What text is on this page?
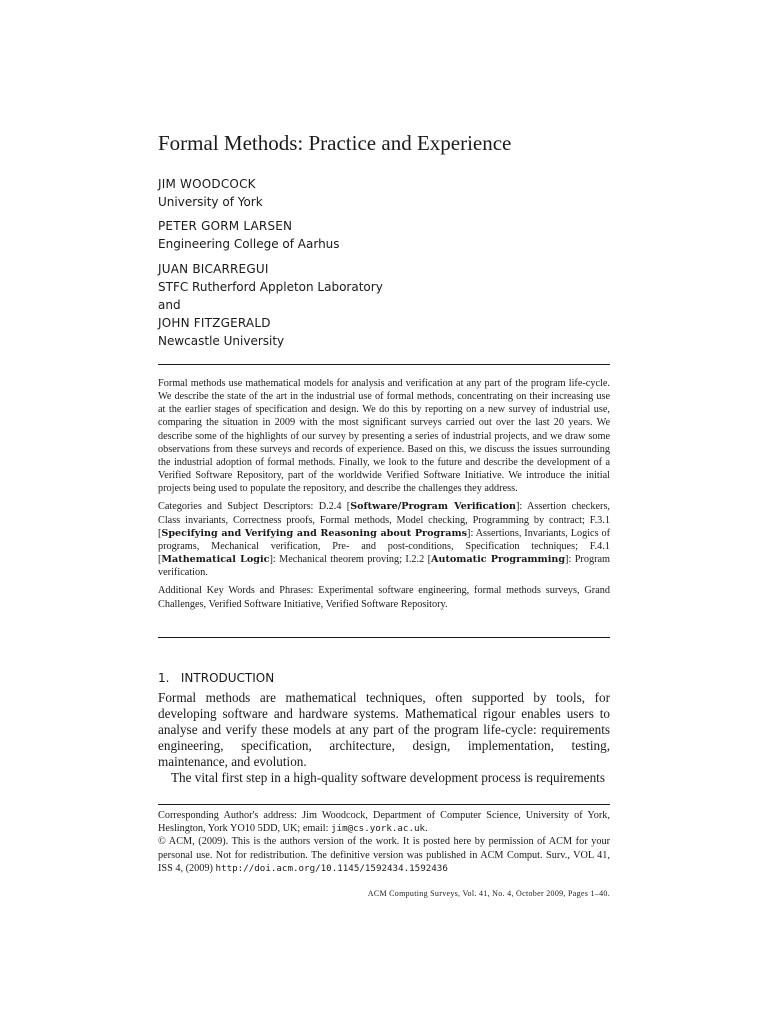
Formal Methods: Practice and Experience
JIM WOODCOCK
University of York
PETER GORM LARSEN
Engineering College of Aarhus
JUAN BICARREGUI
STFC Rutherford Appleton Laboratory
and
JOHN FITZGERALD
Newcastle University

Formal methods use mathematical models for analysis and verification at any part of the program life-cycle. We describe the state of the art in the industrial use of formal methods, concentrating on their increasing use at the earlier stages of specification and design. We do this by reporting on a new survey of industrial use, comparing the situation in 2009 with the most significant surveys carried out over the last 20 years. We describe some of the highlights of our survey by presenting a series of industrial projects, and we draw some observations from these surveys and records of experience. Based on this, we discuss the issues surrounding the industrial adoption of formal methods. Finally, we look to the future and describe the development of a Verified Software Repository, part of the worldwide Verified Software Initiative. We introduce the initial projects being used to populate the repository, and describe the challenges they address.

Categories and Subject Descriptors: D.2.4 [Software/Program Verification]: Assertion checkers, Class invariants, Correctness proofs, Formal methods, Model checking, Programming by contract; F.3.1 [Specifying and Verifying and Reasoning about Programs]: Assertions, Invariants, Logics of programs, Mechanical verification, Pre- and post-conditions, Specification techniques; F.4.1 [Mathematical Logic]: Mechanical theorem proving; I.2.2 [Automatic Programming]: Program verification.

Additional Key Words and Phrases: Experimental software engineering, formal methods surveys, Grand Challenges, Verified Software Initiative, Verified Software Repository.

1.   INTRODUCTION

Formal methods are mathematical techniques, often supported by tools, for developing software and hardware systems. Mathematical rigour enables users to analyse and verify these models at any part of the program life-cycle: requirements engineering, specification, architecture, design, implementation, testing, maintenance, and evolution.

The vital first step in a high-quality software development process is requirements

Corresponding Author's address: Jim Woodcock, Department of Computer Science, University of York, Heslington, York YO10 5DD, UK; email: jim@cs.york.ac.uk.

© ACM, (2009). This is the authors version of the work. It is posted here by permission of ACM for your personal use. Not for redistribution. The definitive version was published in ACM Comput. Surv., VOL 41, ISS 4, (2009) http://doi.acm.org/10.1145/1592434.1592436

ACM Computing Surveys, Vol. 41, No. 4, October 2009, Pages 1–40.
